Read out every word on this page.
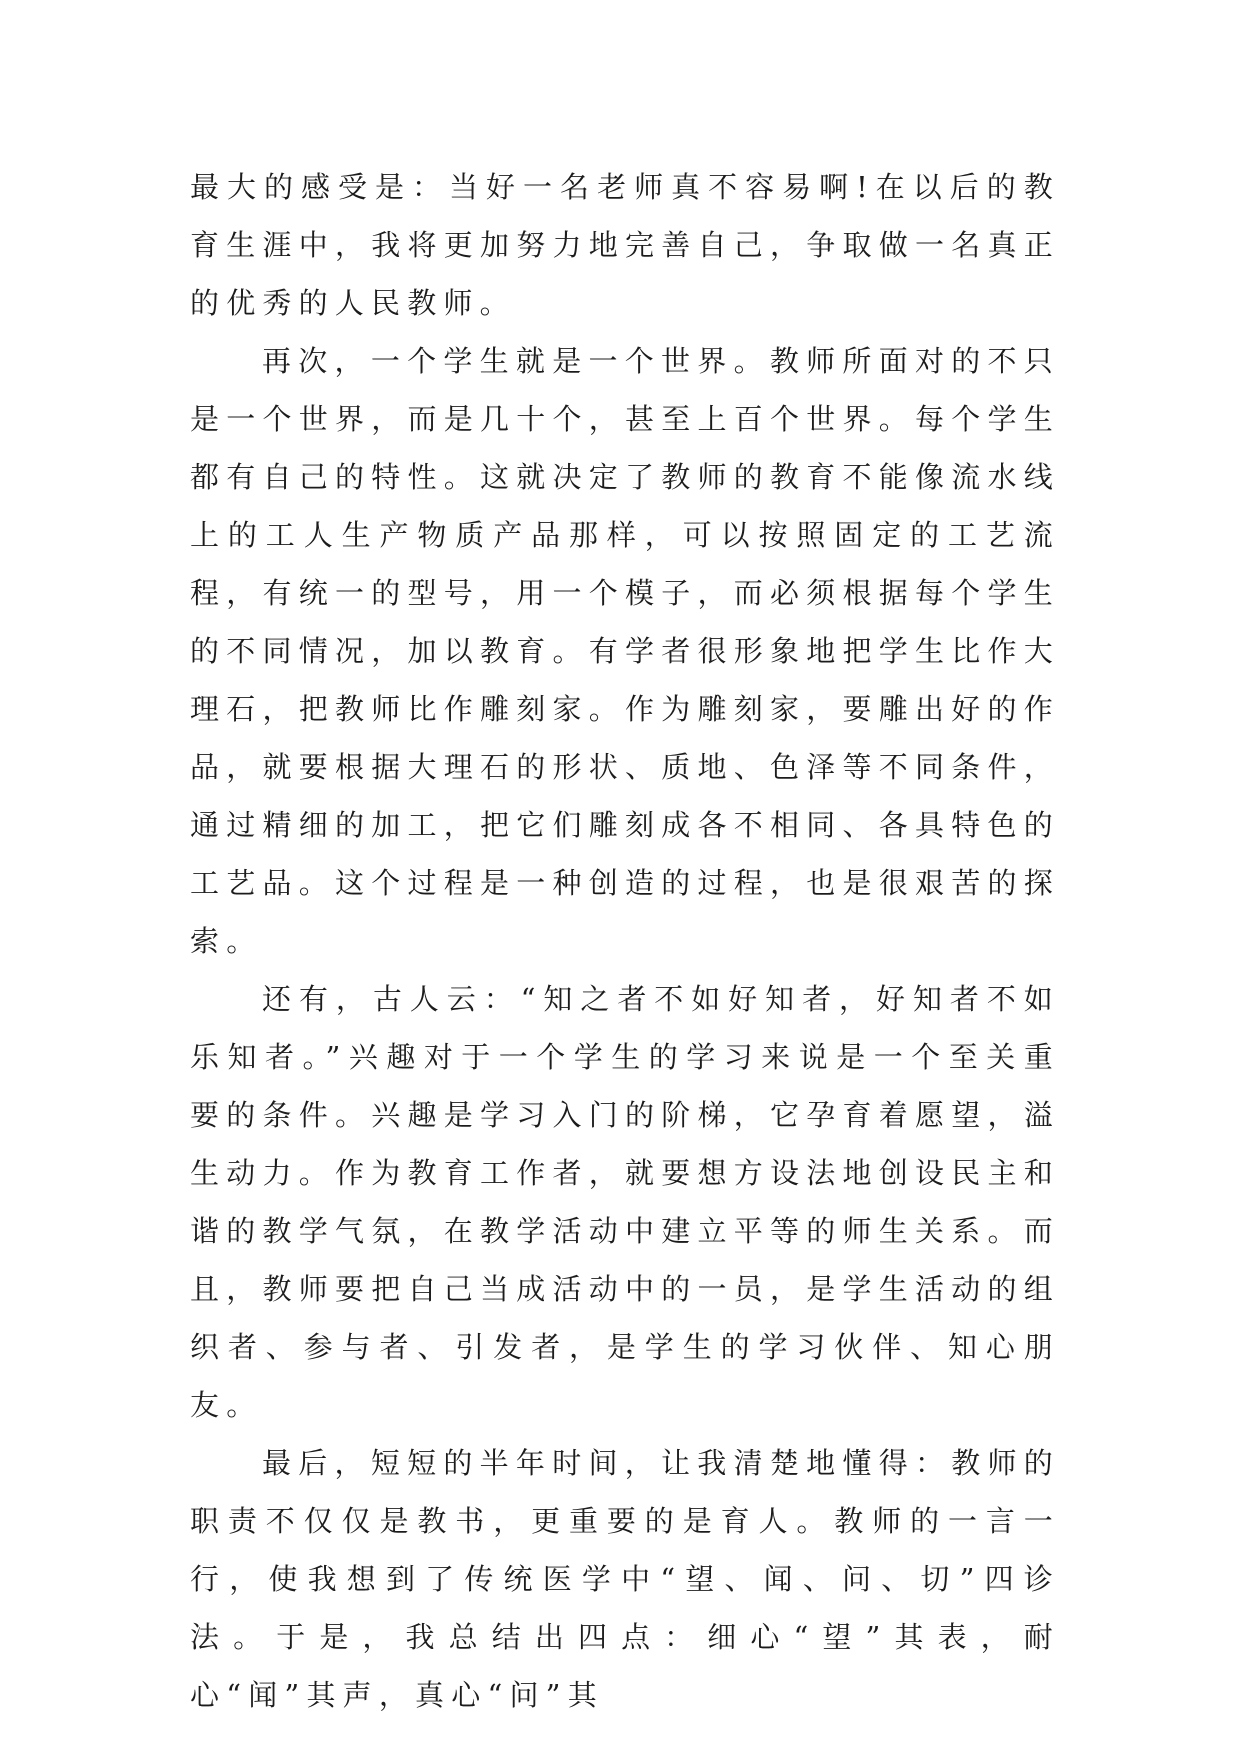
最大的感受是：当好一名老师真不容易啊!在以后的教育生涯中，我将更加努力地完善自己，争取做一名真正的优秀的人民教师。

再次，一个学生就是一个世界。教师所面对的不只是一个世界，而是几十个，甚至上百个世界。每个学生都有自己的特性。这就决定了教师的教育不能像流水线上的工人生产物质产品那样，可以按照固定的工艺流程，有统一的型号，用一个模子，而必须根据每个学生的不同情况，加以教育。有学者很形象地把学生比作大理石，把教师比作雕刻家。作为雕刻家，要雕出好的作品，就要根据大理石的形状、质地、色泽等不同条件，通过精细的加工，把它们雕刻成各不相同、各具特色的工艺品。这个过程是一种创造的过程，也是很艰苦的探索。

还有，古人云：“知之者不如好知者，好知者不如乐知者。”兴趣对于一个学生的学习来说是一个至关重要的条件。兴趣是学习入门的阶梯，它孕育着愿望，溢生动力。作为教育工作者，就要想方设法地创设民主和谐的教学气氛，在教学活动中建立平等的师生关系。而且，教师要把自己当成活动中的一员，是学生活动的组织者、参与者、引发者，是学生的学习伙伴、知心朋友。

最后，短短的半年时间，让我清楚地懂得：教师的职责不仅仅是教书，更重要的是育人。教师的一言一行，使我想到了传统医学中“望、闻、问、切”四诊法。于是，我总结出四点：细心“望”其表，耐心“闻”其声，真心“问”其
